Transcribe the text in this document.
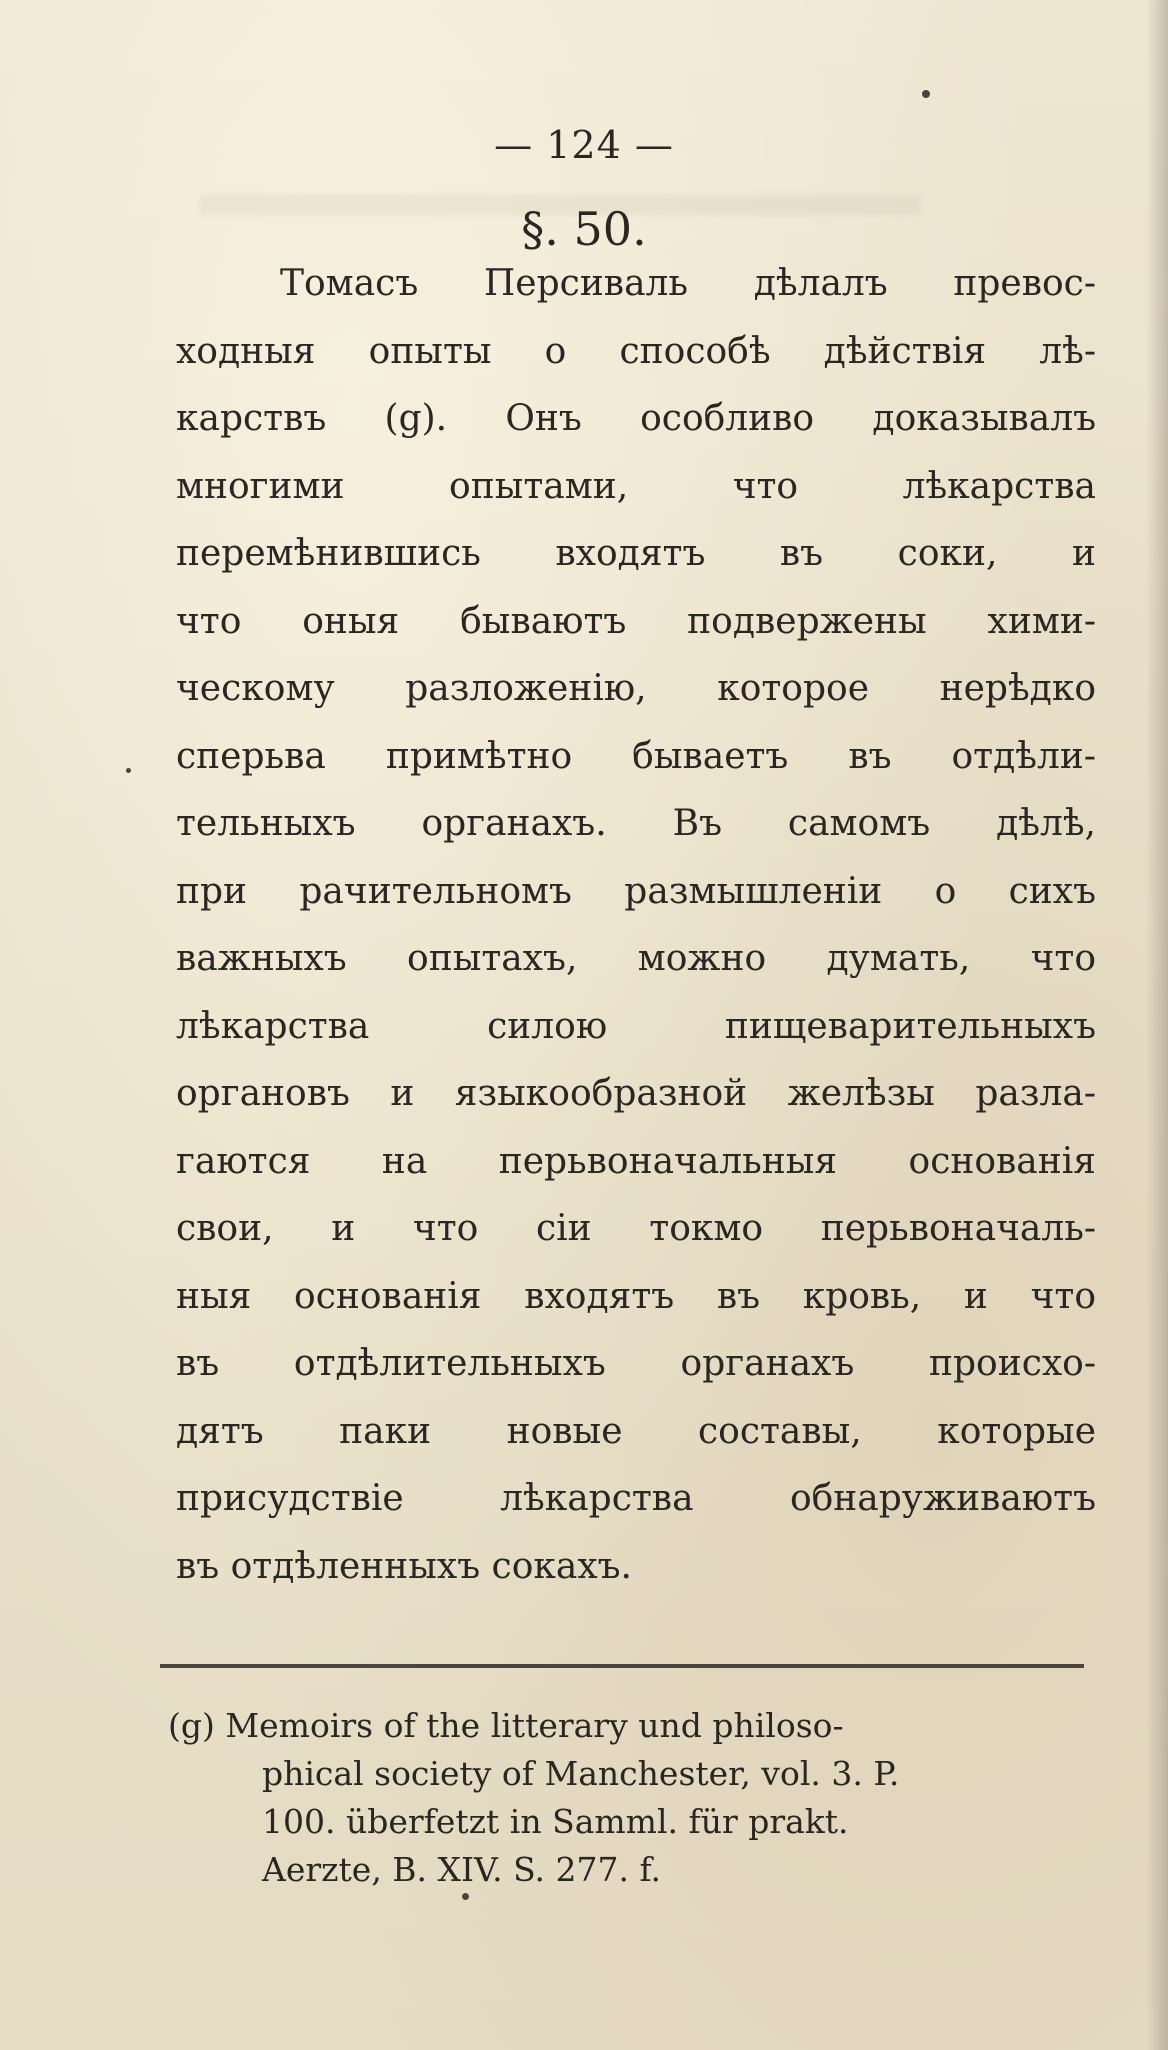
— 124 —
§. 50.
Томасъ Персиваль дѣлалъ превос-
ходныя опыты о способѣ дѣйствія лѣ-
карствъ (g). Онъ особливо доказывалъ
многими опытами, что лѣкарства
перемѣнившись входятъ въ соки, и
что оныя бываютъ подвержены хими-
ческому разложенію, которое нерѣдко
сперьва примѣтно бываетъ въ отдѣли-
тельныхъ органахъ. Въ самомъ дѣлѣ,
при рачительномъ размышленіи о сихъ
важныхъ опытахъ, можно думать, что
лѣкарства силою пищеварительныхъ
органовъ и языкообразной желѣзы разла-
гаются на перьвоначальныя основанія
свои, и что сіи токмо перьвоначаль-
ныя основанія входятъ въ кровь, и что
въ отдѣлительныхъ органахъ происхо-
дятъ паки новые составы, которые
присудствіе лѣкарства обнаруживаютъ
въ отдѣленныхъ сокахъ.
(g) Memoirs of the litterary und philoso-
phical society of Manchester, vol. 3. P.
100. überfetzt in Samml. für prakt.
Aerzte, B. XIV. S. 277. f.
